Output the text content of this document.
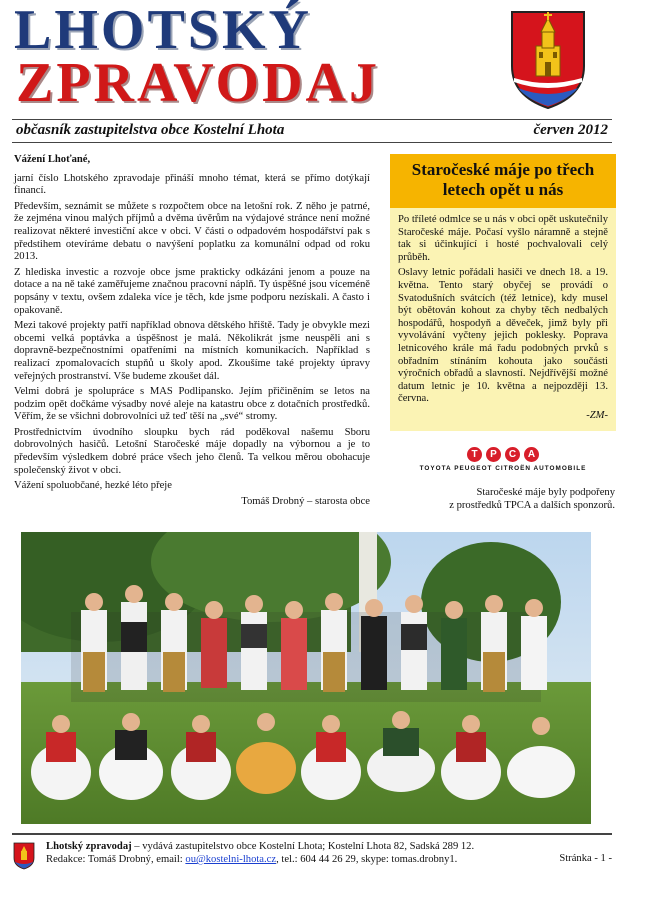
LHOTSKÝ
ZPRAVODAJ
občasník zastupitelstva obce Kostelní Lhota	červen 2012

Vážení Lhoťané,

jarní číslo Lhotského zpravodaje přináší mnoho témat, která se přímo dotýkají financí.

Především, seznámit se můžete s rozpočtem obce na letošní rok. Z něho je patrné, že zejména vinou malých příjmů a dvěma úvěrům na výdajové stránce není možné realizovat některé investiční akce v obci. V části o odpadovém hospodářství pak s předstihem otevíráme debatu o navýšení poplatku za komunální odpad od roku 2013.

Z hlediska investic a rozvoje obce jsme prakticky odkázáni jenom a pouze na dotace a na ně také zaměřujeme značnou pracovní náplň. Ty úspěšné jsou víceméně popsány v textu, ovšem zdaleka více je těch, kde jsme podporu nezískali. A často i opakovaně.

Mezi takové projekty patří například obnova dětského hřiště. Tady je obvykle mezi obcemi velká poptávka a úspěšnost je malá. Několikrát jsme neuspěli ani s dopravně-bezpečnostními opatřeními na místních komunikacích. Například s realizací zpomalovacích stupňů u školy apod. Zkoušíme také projekty úpravy veřejných prostranství. Vše budeme zkoušet dál.

Velmi dobrá je spolupráce s MAS Podlipansko. Jejím přičiněním se letos na podzim opět dočkáme výsadby nové aleje na katastru obce z dotačních prostředků. Věřím, že se všichni dobrovolníci už teď těší na „své“ stromy.

Prostřednictvím úvodního sloupku bych rád poděkoval našemu Sboru dobrovolných hasičů. Letošní Staročeské máje dopadly na výbornou a je to především výsledkem dobré práce všech jeho členů. Ta velkou měrou obohacuje společenský život v obci.

Vážení spoluobčané, hezké léto přeje

Tomáš Drobný – starosta obce

Staročeské máje po třech letech opět u nás

Po tříleté odmlce se u nás v obci opět uskutečnily Staročeské máje. Počasí vyšlo náramně a stejně tak si účinkující i hosté pochvalovali celý průběh.

Oslavy letnic pořádali hasiči ve dnech 18. a 19. května. Tento starý obyčej se provádí o Svatodušních svátcích (též letnice), kdy musel být obětován kohout za chyby těch nedbalých hospodářů, hospodyň a děveček, jimž byly při vyvolávání vyčteny jejich poklesky. Poprava letnicového krále má řadu podobných prvků s obřadním stínáním kohouta jako součásti výročních obřadů a slavností. Nejdřívější možné datum letnic je 10. května a nejpozději 13. června.

-ZM-
T	P	C	A
TOYOTA PEUGEOT CITROËN AUTOMOBILE
Staročeské máje byly podpořeny
z prostředků TPCA a dalších sponzorů.
Lhotský zpravodaj – vydává zastupitelstvo obce Kostelní Lhota; Kostelní Lhota 82, Sadská 289 12.
Redakce: Tomáš Drobný, email: ou@kostelni-lhota.cz, tel.: 604 44 26 29, skype: tomas.drobny1.	Stránka - 1 -
